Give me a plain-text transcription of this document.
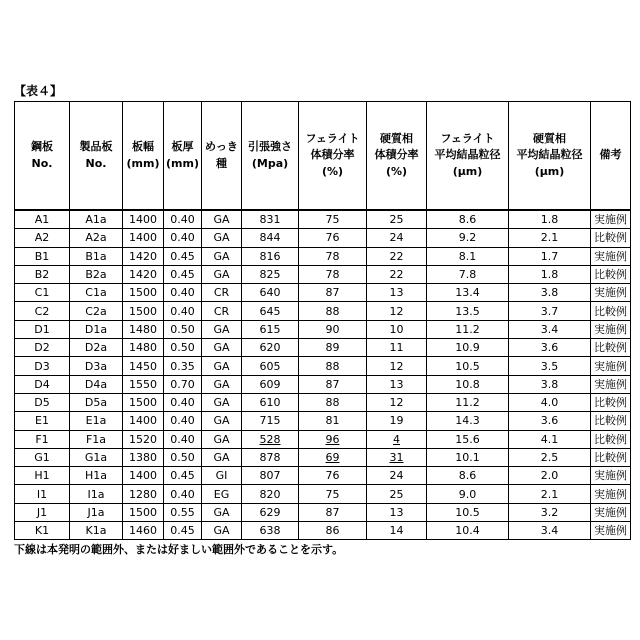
【表４】
鋼板
No.

製品板
No.

板幅
(mm)

板厚
(mm)

めっき
種

引張強さ
(Mpa)

フェライト
体積分率
(%)

硬質相
体積分率
(%)

フェライト
平均結晶粒径
(μm)

硬質相
平均結晶粒径
(μm)

備考

A1	A1a	1400	0.40	GA	831	75	25	8.6	1.8	実施例
A2	A2a	1400	0.40	GA	844	76	24	9.2	2.1	比較例
B1	B1a	1420	0.45	GA	816	78	22	8.1	1.7	実施例
B2	B2a	1420	0.45	GA	825	78	22	7.8	1.8	比較例
C1	C1a	1500	0.40	CR	640	87	13	13.4	3.8	実施例
C2	C2a	1500	0.40	CR	645	88	12	13.5	3.7	比較例
D1	D1a	1480	0.50	GA	615	90	10	11.2	3.4	実施例
D2	D2a	1480	0.50	GA	620	89	11	10.9	3.6	比較例
D3	D3a	1450	0.35	GA	605	88	12	10.5	3.5	実施例
D4	D4a	1550	0.70	GA	609	87	13	10.8	3.8	実施例
D5	D5a	1500	0.40	GA	610	88	12	11.2	4.0	比較例
E1	E1a	1400	0.40	GA	715	81	19	14.3	3.6	比較例
F1	F1a	1520	0.40	GA	528	96	4	15.6	4.1	比較例
G1	G1a	1380	0.50	GA	878	69	31	10.1	2.5	比較例
H1	H1a	1400	0.45	GI	807	76	24	8.6	2.0	実施例
I1	I1a	1280	0.40	EG	820	75	25	9.0	2.1	実施例
J1	J1a	1500	0.55	GA	629	87	13	10.5	3.2	実施例
K1	K1a	1460	0.45	GA	638	86	14	10.4	3.4	実施例
下線は本発明の範囲外、または好ましい範囲外であることを示す。
